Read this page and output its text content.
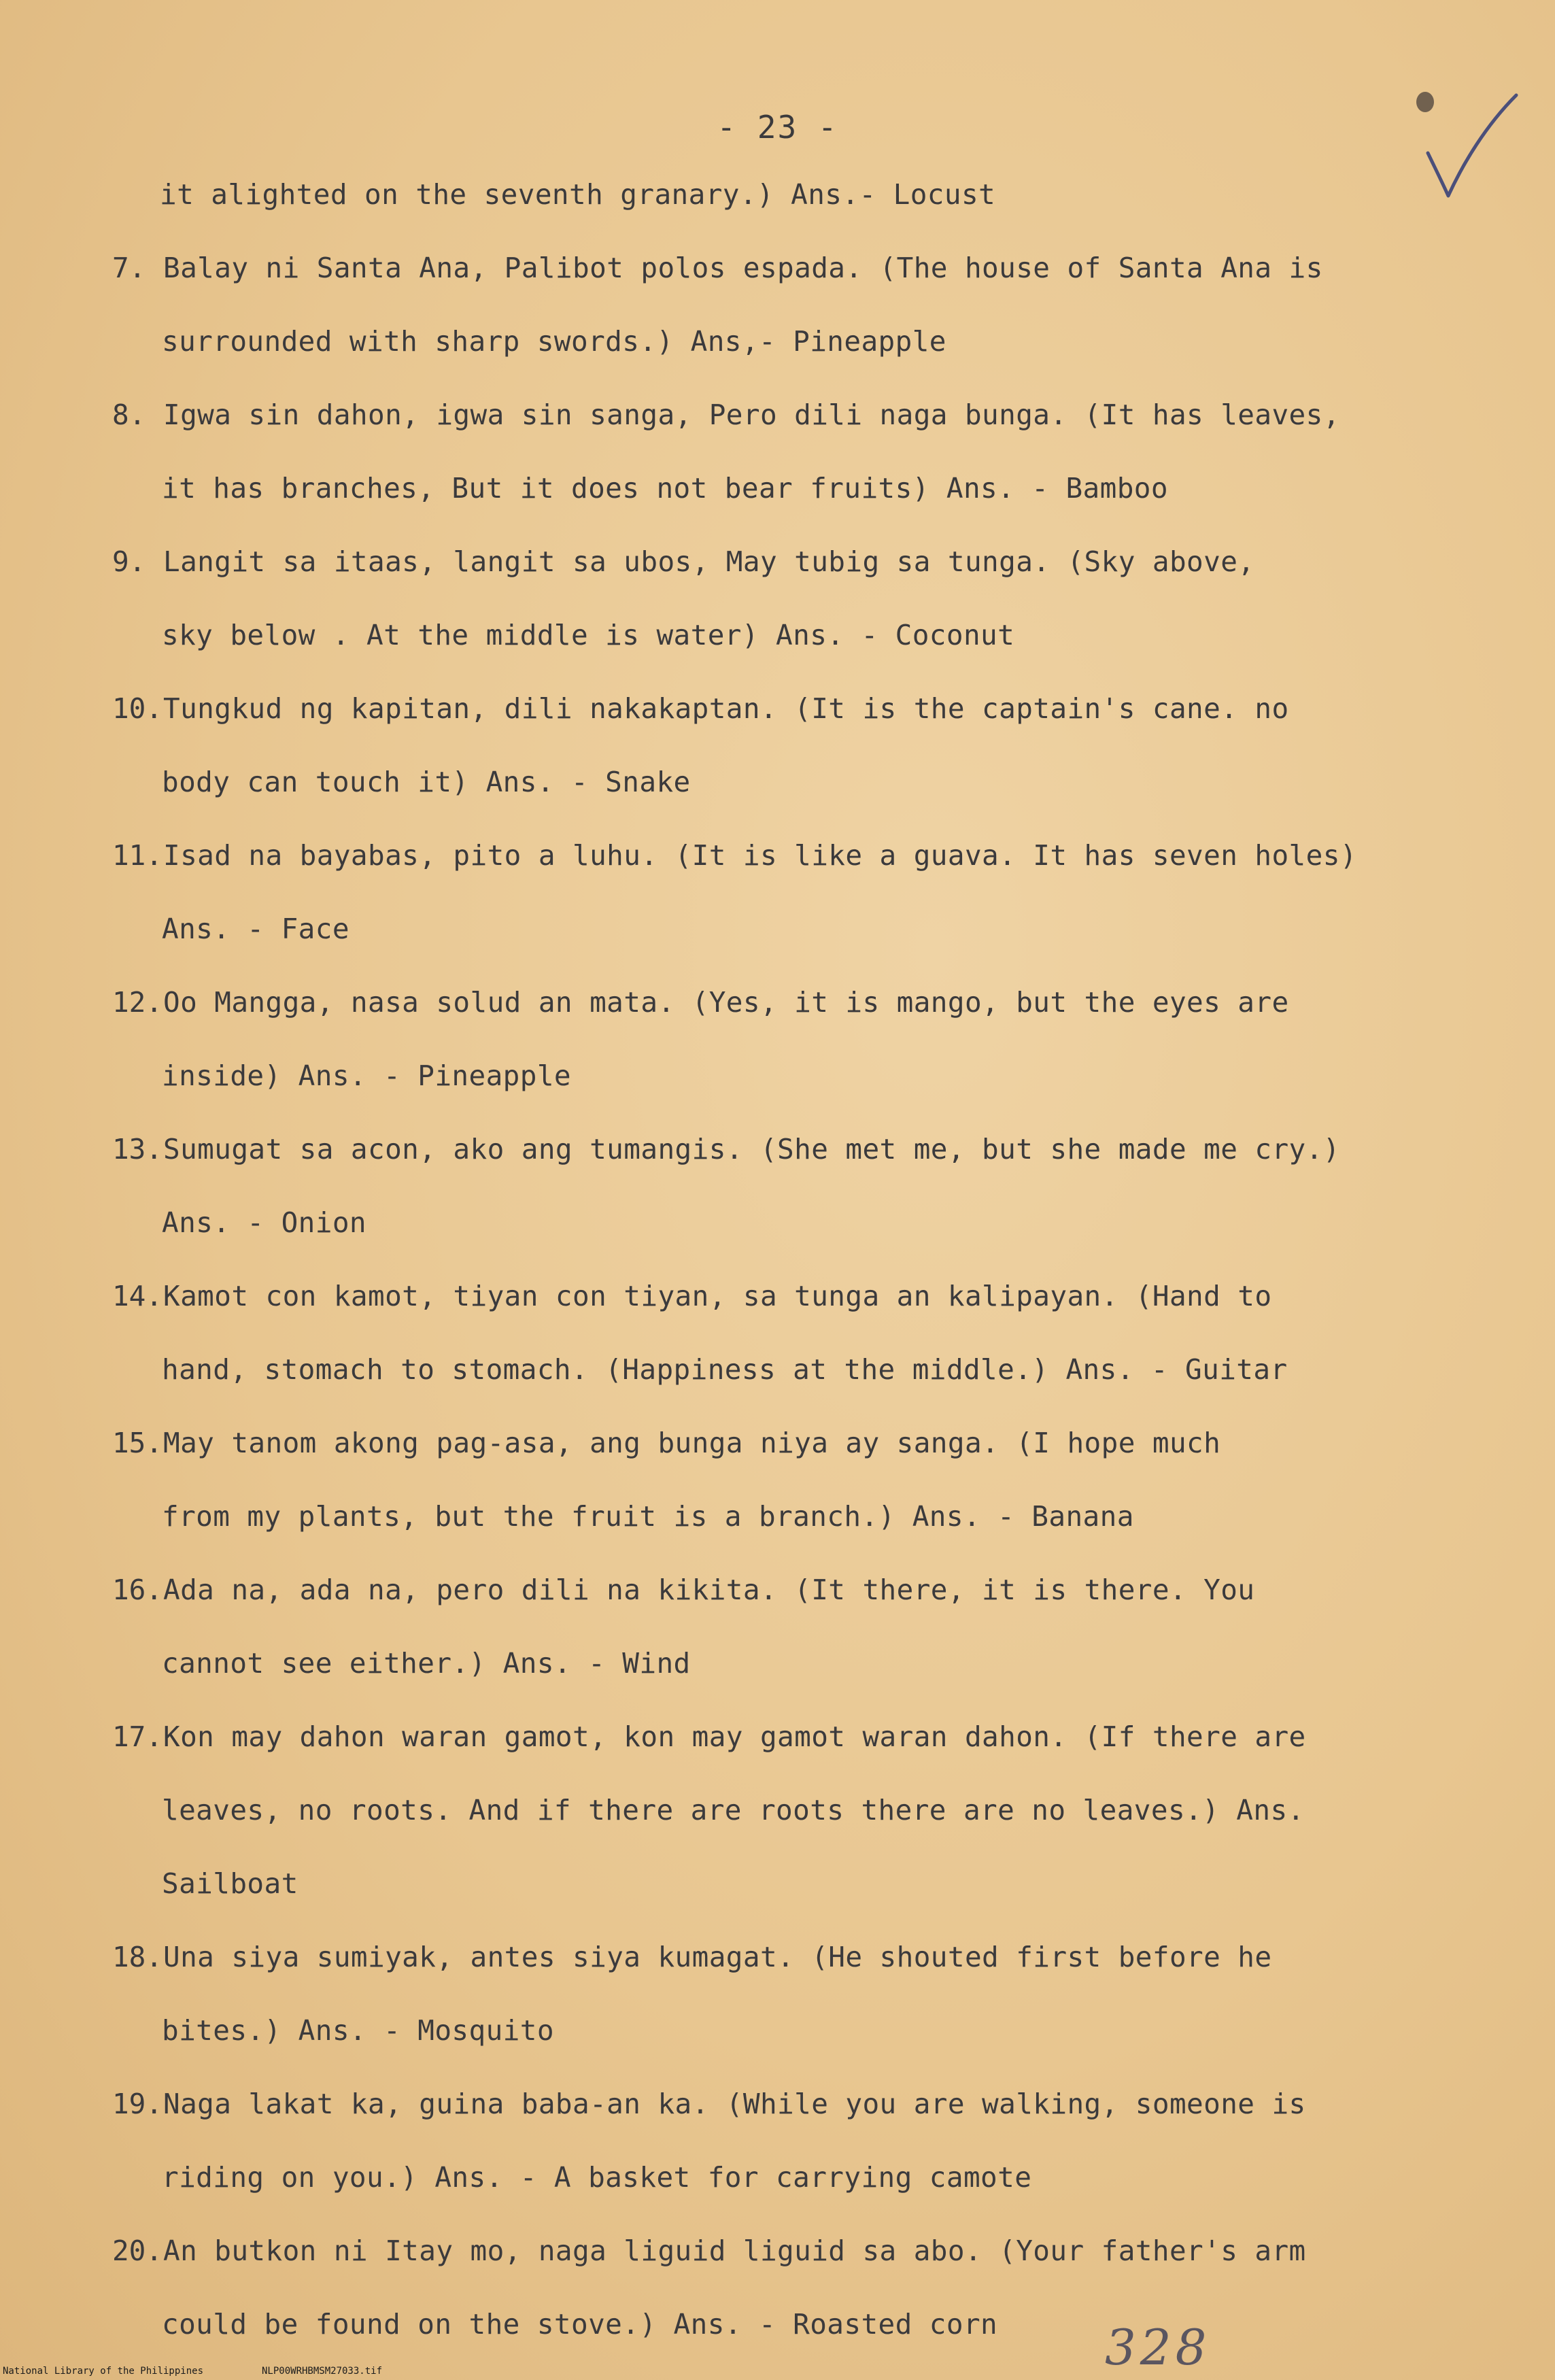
- 23 -
it alighted on the seventh granary.) Ans.- Locust
7. Balay ni Santa Ana, Palibot polos espada. (The house of Santa Ana is
surrounded with sharp swords.) Ans,- Pineapple
8. Igwa sin dahon, igwa sin sanga, Pero dili naga bunga. (It has leaves,
it has branches, But it does not bear fruits) Ans. - Bamboo
9. Langit sa itaas, langit sa ubos, May tubig sa tunga. (Sky above,
sky below . At the middle is water) Ans. - Coconut
10. Tungkud ng kapitan, dili nakakaptan. (It is the captain's cane. no
body can touch it) Ans. - Snake
11. Isad na bayabas, pito a luhu. (It is like a guava. It has seven holes)
Ans. - Face
12. Oo Mangga, nasa solud an mata. (Yes, it is mango, but the eyes are
inside) Ans. - Pineapple
13. Sumugat sa acon, ako ang tumangis. (She met me, but she made me cry.)
Ans. - Onion
14. Kamot con kamot, tiyan con tiyan, sa tunga an kalipayan. (Hand to
hand, stomach to stomach. (Happiness at the middle.) Ans. - Guitar
15. May tanom akong pag-asa, ang bunga niya ay sanga. (I hope much
from my plants, but the fruit is a branch.) Ans. - Banana
16. Ada na, ada na, pero dili na kikita. (It there, it is there. You
cannot see either.) Ans. - Wind
17. Kon may dahon waran gamot, kon may gamot waran dahon. (If there are
leaves, no roots. And if there are roots there are no leaves.) Ans.
Sailboat
18. Una siya sumiyak, antes siya kumagat. (He shouted first before he
bites.) Ans. - Mosquito
19. Naga lakat ka, guina baba-an ka. (While you are walking, someone is
riding on you.) Ans. - A basket for carrying camote
20. An butkon ni Itay mo, naga liguid liguid sa abo. (Your father's arm
could be found on the stove.) Ans. - Roasted corn 328
National Library of the Philippines	NLP00WRHBMSM27033.tif
